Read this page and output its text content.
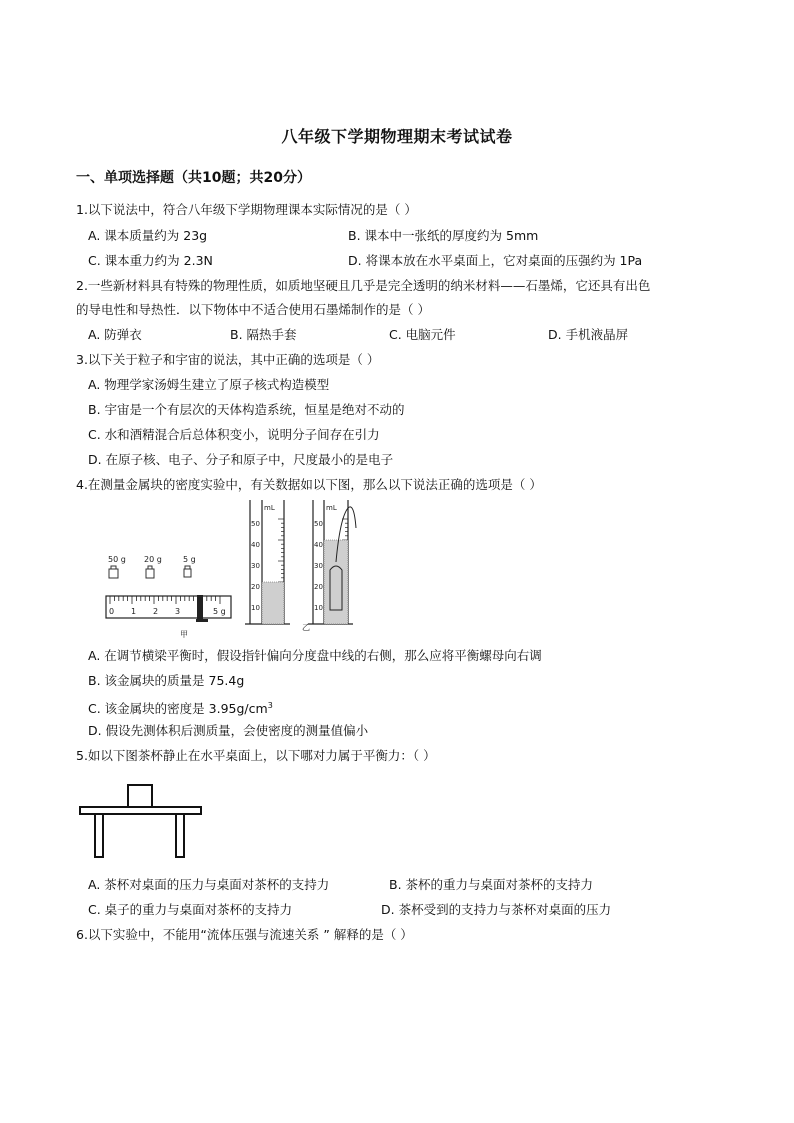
八年级下学期物理期末考试试卷
一、单项选择题（共10题；共20分）
1.以下说法中，符合八年级下学期物理课本实际情况的是（ ）
A. 课本质量约为 23g	B. 课本中一张纸的厚度约为 5mm
C. 课本重力约为 2.3N	D. 将课本放在水平桌面上，它对桌面的压强约为 1Pa
2.一些新材料具有特殊的物理性质，如质地坚硬且几乎是完全透明的纳米材料——石墨烯，它还具有出色
的导电性和导热性．以下物体中不适合使用石墨烯制作的是（ ）
A. 防弹衣	B. 隔热手套	C. 电脑元件	D. 手机液晶屏
3.以下关于粒子和宇宙的说法，其中正确的选项是（ ）
A. 物理学家汤姆生建立了原子核式构造模型
B. 宇宙是一个有层次的天体构造系统，恒星是绝对不动的
C. 水和酒精混合后总体积变小，说明分子间存在引力
D. 在原子核、电子、分子和原子中，尺度最小的是电子
4.在测量金属块的密度实验中，有关数据如以下图，那么以下说法正确的选项是（ ）
50 g 20 g	5 g
0 1 2 3	5 g
甲
mL
50
40
30
20
10
mL
50
40
30
20
10
乙
A. 在调节横梁平衡时，假设指针偏向分度盘中线的右侧，那么应将平衡螺母向右调
B. 该金属块的质量是 75.4g
C. 该金属块的密度是 $3.95g/cm^3$
D. 假设先测体积后测质量，会使密度的测量值偏小
5.如以下图茶杯静止在水平桌面上，以下哪对力属于平衡力：（ ）
A. 茶杯对桌面的压力与桌面对茶杯的支持力	B. 茶杯的重力与桌面对茶杯的支持力
C. 桌子的重力与桌面对茶杯的支持力	D. 茶杯受到的支持力与茶杯对桌面的压力
6.以下实验中，不能用“流体压强与流速关系 ” 解释的是（ ）
